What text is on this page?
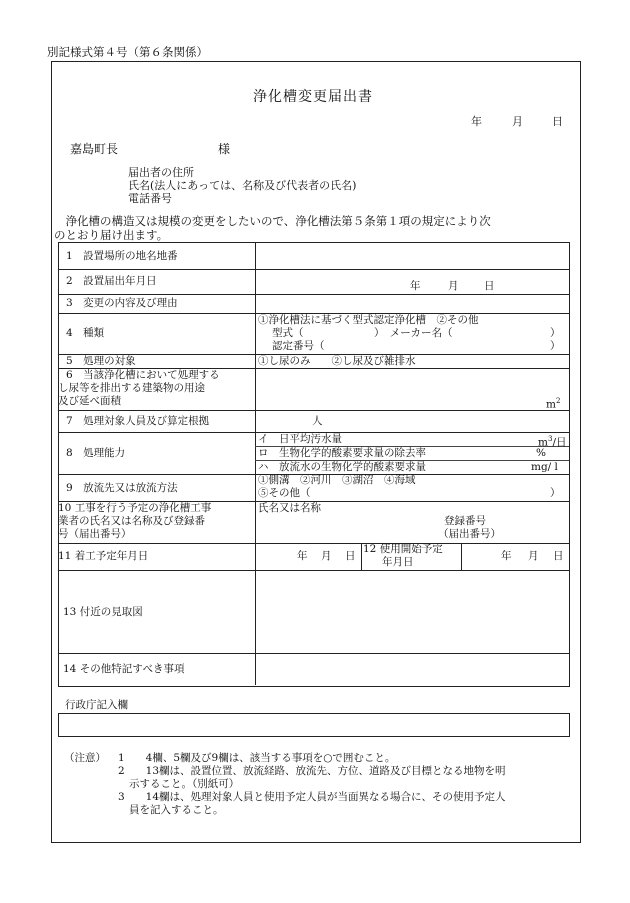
別記様式第４号（第６条関係）
浄化槽変更届出書
年	月	日
嘉島町長	様
届出者の住所
氏名(法人にあっては、名称及び代表者の氏名)
電話番号
　浄化槽の構造又は規模の変更をしたいので、浄化槽法第５条第１項の規定により次
のとおり届け出ます。
1　設置場所の地名地番
2　設置届出年月日	年	月 日
3　変更の内容及び理由
4　種類
①浄化槽法に基づく型式認定浄化槽　②その他
型式（	）　メーカー名（	）
認定番号（	）
5　処理の対象	①し尿のみ　　②し尿及び雑排水
6　当該浄化槽において処理する
し尿等を排出する建築物の用途
及び延べ面積	$m^2$
7　処理対象人員及び算定根拠	人
8　処理能力
イ　日平均汚水量	$m^3/$日
ロ　生物化学的酸素要求量の除去率	%
ハ　放流水の生物化学的酸素要求量	mg/ l
9　放流先又は放流方法
①側溝　②河川　③湖沼　④海域
⑤その他（	）
10 工事を行う予定の浄化槽工事
業者の氏名又は名称及び登録番
号（届出番号）
氏名又は名称
登録番号
（届出番号）
11 着工予定年月日	年 月 日
12 使用開始予定
年月日	年 月 日
13 付近の見取図
14 その他特記すべき事項
行政庁記入欄
（注意） 1　　4欄、5欄及び9欄は、該当する事項を○で囲むこと。
2　　13欄は、設置位置、放流経路、放流先、方位、道路及び目標となる地物を明
示すること。（別紙可）
3　　14欄は、処理対象人員と使用予定人員が当面異なる場合に、その使用予定人
員を記入すること。
